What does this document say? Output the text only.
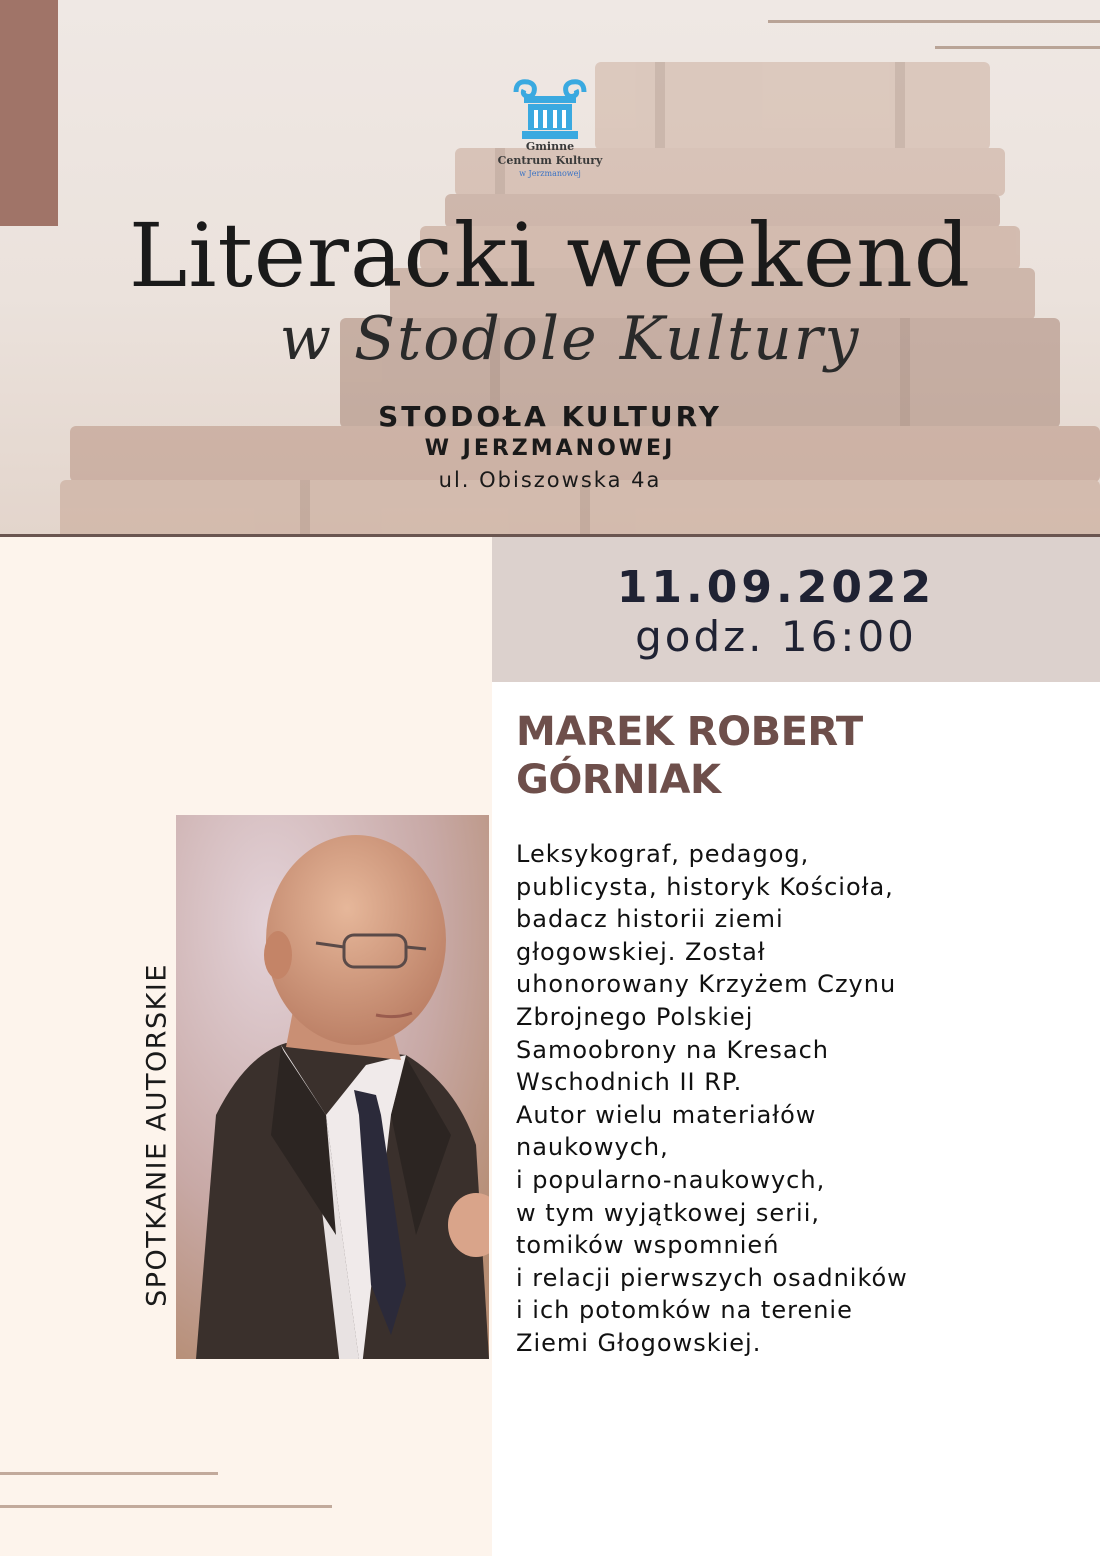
Gminne
Centrum Kultury
w Jerzmanowej
Literacki weekend
w Stodole Kultury
STODOŁA KULTURY
W JERZMANOWEJ
ul. Obiszowska 4a
11.09.2022
godz. 16:00
MAREK ROBERT
GÓRNIAK
Leksykograf, pedagog,
publicysta, historyk Kościoła,
badacz historii ziemi
głogowskiej. Został
uhonorowany Krzyżem Czynu
Zbrojnego Polskiej
Samoobrony na Kresach
Wschodnich II RP.
Autor wielu materiałów
naukowych,
i popularno-naukowych,
w tym wyjątkowej serii,
tomików wspomnień
i relacji pierwszych osadników
i ich potomków na terenie
Ziemi Głogowskiej.
SPOTKANIE AUTORSKIE
